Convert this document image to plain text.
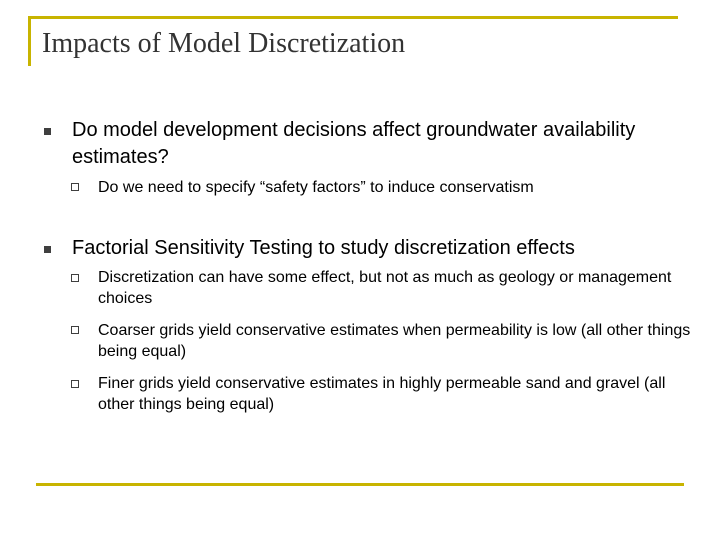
Impacts of Model Discretization
Do model development decisions affect groundwater availability estimates?
Do we need to specify “safety factors” to induce conservatism
Factorial Sensitivity Testing to study discretization effects
Discretization can have some effect, but not as much as geology or management choices
Coarser grids yield conservative estimates when permeability is low (all other things being equal)
Finer grids yield conservative estimates in highly permeable sand and gravel (all other things being equal)
